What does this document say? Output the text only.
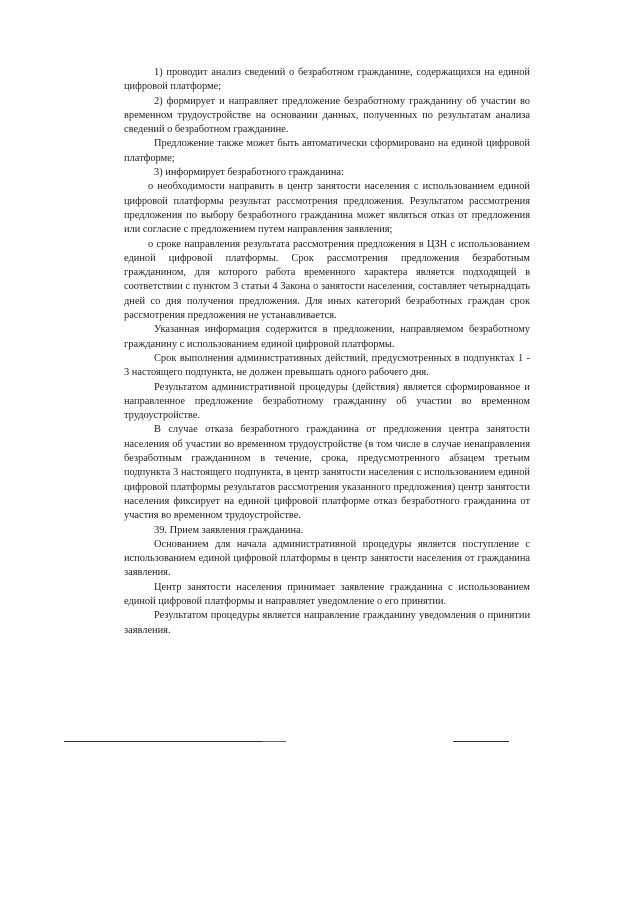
1) проводит анализ сведений о безработном гражданине, содержащихся на единой цифровой платформе;

2) формирует и направляет предложение безработному гражданину об участии во временном трудоустройстве на основании данных, полученных по результатам анализа сведений о безработном гражданине.

Предложение также может быть автоматически сформировано на единой цифровой платформе;

3) информирует безработного гражданина:

о необходимости направить в центр занятости населения с использованием единой цифровой платформы результат рассмотрения предложения. Результатом рассмотрения предложения по выбору безработного гражданина может являться отказ от предложения или согласие с предложением путем направления заявления;

о сроке направления результата рассмотрения предложения в ЦЗН с использованием единой цифровой платформы. Срок рассмотрения предложения безработным гражданином, для которого работа временного характера является подходящей в соответствии с пунктом 3 статьи 4 Закона о занятости населения, составляет четырнадцать дней со дня получения предложения. Для иных категорий безработных граждан срок рассмотрения предложения не устанавливается.

Указанная информация содержится в предложении, направляемом безработному гражданину с использованием единой цифровой платформы.

Срок выполнения административных действий, предусмотренных в подпунктах 1 - 3 настоящего подпункта, не должен превышать одного рабочего дня.

Результатом административной процедуры (действия) является сформированное и направленное предложение безработному гражданину об участии во временном трудоустройстве.

В случае отказа безработного гражданина от предложения центра занятости населения об участии во временном трудоустройстве (в том числе в случае ненаправления безработным гражданином в течение, срока, предусмотренного абзацем третьим подпункта 3 настоящего подпункта, в центр занятости населения с использованием единой цифровой платформы результатов рассмотрения указанного предложения) центр занятости населения фиксирует на единой цифровой платформе отказ безработного гражданина от участия во временном трудоустройстве.

39. Прием заявления гражданина.

Основанием для начала административной процедуры является поступление с использованием единой цифровой платформы в центр занятости населения от гражданина заявления.

Центр занятости населения принимает заявление гражданина с использованием единой цифровой платформы и направляет уведомление о его принятии.

Результатом процедуры является направление гражданину уведомления о принятии заявления.
